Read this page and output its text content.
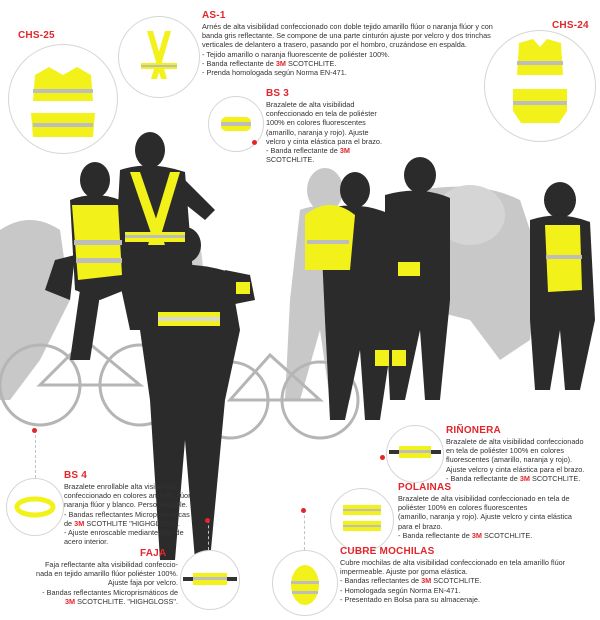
CHS-25
AS-1

Arnés de alta visibilidad confeccionado con doble tejido amarillo flúor o naranja flúor y con

banda gris reflectante. Se compone de una parte cinturón ajuste por velcro y dos trinchas

verticales de delantero a trasero, pasando por el hombro, cruzándose en espalda.

- Tejido amarillo o naranja fluorescente de poliéster 100%.

- Banda reflectante de 3M SCOTCHLITE.

- Prenda homologada según Norma EN-471.

CHS-24
BS 3

Brazalete de alta visibilidad

confeccionado en tela de poliéster

100% en colores fluorescentes

(amarillo, naranja y rojo). Ajuste

velcro y cinta elástica para el brazo.

- Banda reflectante de 3M

SCOTCHLITE.

RIÑONERA

Brazalete de alta visibilidad confeccionado

en tela de poliéster 100% en colores

fluorescentes (amarillo, naranja y rojo).

Ajuste velcro y cinta elástica para el brazo.

- Banda reflectante de 3M SCOTCHLITE.

POLAINAS

Brazalete de alta visibilidad confeccionado en tela de

poliéster 100% en colores fluorescentes

(amarillo, naranja y rojo). Ajuste velcro y cinta elástica

para el brazo.

- Banda reflectante de 3M SCOTCHLITE.

BS 4

Brazalete enrollable alta visibilidad

confeccionado en colores amarillo flúor,

naranja flúor y blanco. Personalizable.

- Bandas reflectantes Microprismáticas

de 3M SCOTHLITE "HIGHGLOSS".

- Ajuste enroscable mediante fleje de

acero interior.

FAJA

Faja reflectante alta visibilidad confeccio-

nada en tejido amarillo flúor poliéster 100%.

Ajuste faja por velcro.

- Bandas reflectantes Microprismáticos de

3M SCOTCHLITE. "HIGHGLOSS".

CUBRE MOCHILAS

Cubre mochilas de alta visibilidad confeccionado en tela amarillo flúor

impermeable. Ajuste por goma elástica.

- Bandas reflectantes de 3M SCOTCHLITE.

- Homologada según Norma EN-471.

- Presentado en Bolsa para su almacenaje.
